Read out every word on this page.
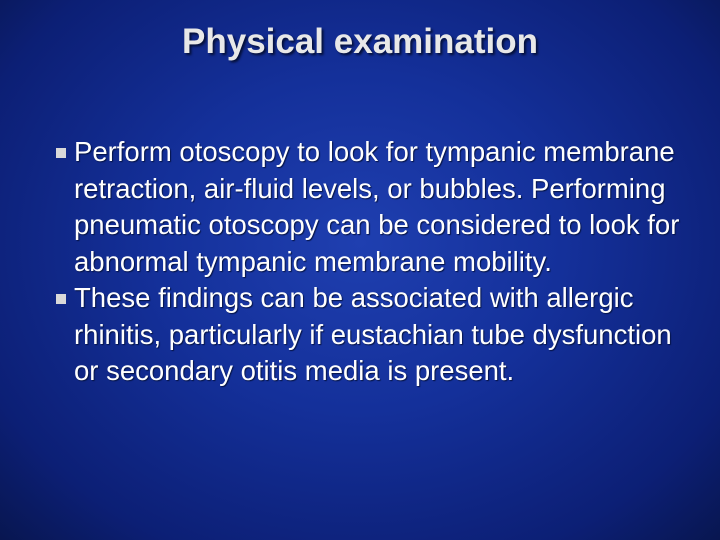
Physical examination
Perform otoscopy to look for tympanic membrane retraction, air-fluid levels, or bubbles. Performing pneumatic otoscopy can be considered to look for abnormal tympanic membrane mobility.
These findings can be associated with allergic rhinitis, particularly if eustachian tube dysfunction or secondary otitis media is present.
